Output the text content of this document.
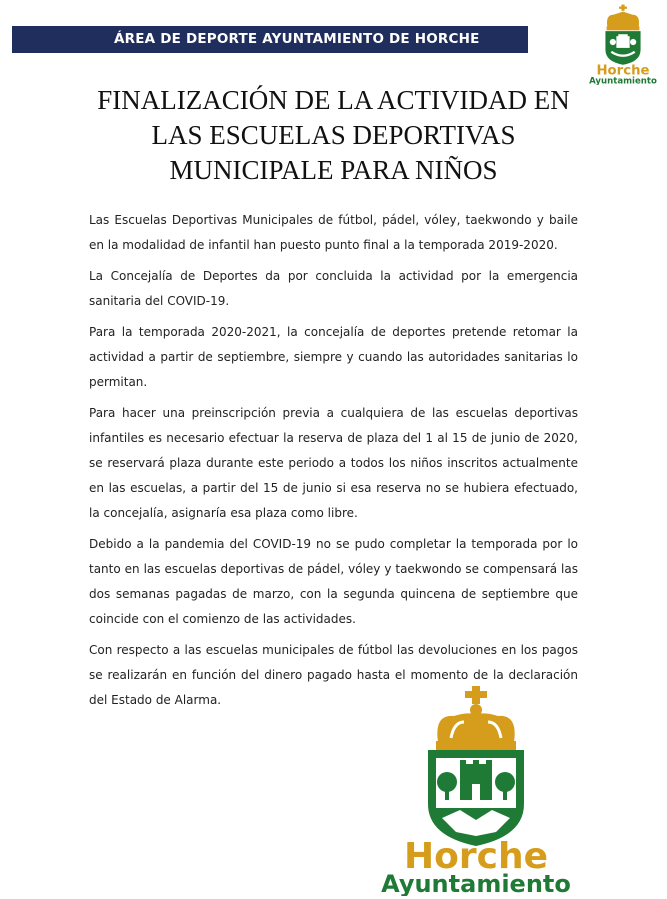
ÁREA DE DEPORTE AYUNTAMIENTO DE HORCHE
Horche
Ayuntamiento
FINALIZACIÓN DE LA ACTIVIDAD EN
LAS ESCUELAS DEPORTIVAS
MUNICIPALE PARA NIÑOS

Las Escuelas Deportivas Municipales de fútbol, pádel, vóley, taekwondo y baile en la modalidad de infantil han puesto punto final a la temporada 2019-2020.

La Concejalía de Deportes da por concluida la actividad por la emergencia sanitaria del COVID-19.

Para la temporada 2020-2021, la concejalía de deportes pretende retomar la actividad a partir de septiembre, siempre y cuando las autoridades sanitarias lo permitan.

Para hacer una preinscripción previa a cualquiera de las escuelas deportivas infantiles es necesario efectuar la reserva de plaza del 1 al 15 de junio de 2020, se reservará plaza durante este periodo a todos los niños inscritos actualmente en las escuelas, a partir del 15 de junio si esa reserva no se hubiera efectuado, la concejalía, asignaría esa plaza como libre.

Debido a la pandemia del COVID-19 no se pudo completar la temporada por lo tanto en las escuelas deportivas de pádel, vóley y taekwondo se compensará las dos semanas pagadas de marzo, con la segunda quincena de septiembre que coincide con el comienzo de las actividades.

Con respecto a las escuelas municipales de fútbol las devoluciones en los pagos se realizarán en función del dinero pagado hasta el momento de la declaración del Estado de Alarma.

Horche
Ayuntamiento
